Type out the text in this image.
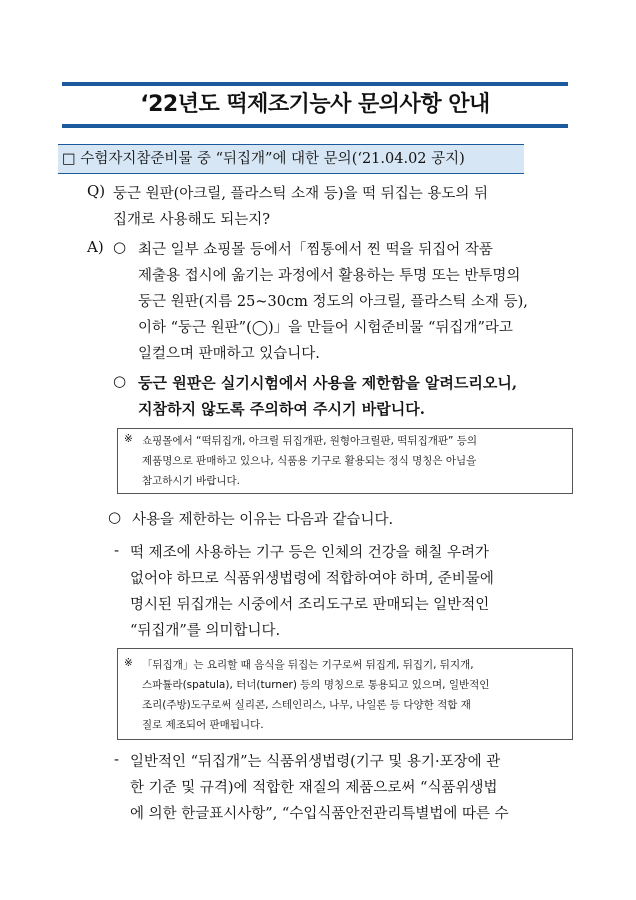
‘22년도 떡제조기능사 문의사항 안내
□ 수험자지참준비물 중 “뒤집개”에 대한 문의(‘21.04.02 공지)
Q) 둥근 원판(아크릴, 플라스틱 소재 등)을 떡 뒤집는 용도의 뒤
집개로 사용해도 되는지?
A) ○ 최근 일부 쇼핑몰 등에서「찜통에서 찐 떡을 뒤집어 작품
제출용 접시에 옮기는 과정에서 활용하는 투명 또는 반투명의
둥근 원판(지름 25~30cm 정도의 아크릴, 플라스틱 소재 등),
이하 “둥근 원판”(◯)」을 만들어 시험준비물 “뒤집개”라고
일컬으며 판매하고 있습니다.
○ 둥근 원판은 실기시험에서 사용을 제한함을 알려드리오니,
지참하지 않도록 주의하여 주시기 바랍니다.
※ 쇼핑몰에서 “떡뒤집개, 아크릴 뒤집개판, 원형아크릴판, 떡뒤집개판” 등의
제품명으로 판매하고 있으나, 식품용 기구로 활용되는 정식 명칭은 아님을
참고하시기 바랍니다.
○ 사용을 제한하는 이유는 다음과 같습니다.
- 떡 제조에 사용하는 기구 등은 인체의 건강을 해칠 우려가
없어야 하므로 식품위생법령에 적합하여야 하며, 준비물에
명시된 뒤집개는 시중에서 조리도구로 판매되는 일반적인
“뒤집개”를 의미합니다.
※ 「뒤집개」는 요리할 때 음식을 뒤집는 기구로써 뒤집게, 뒤집기, 뒤지개,
스파튤라(spatula), 터너(turner) 등의 명칭으로 통용되고 있으며, 일반적인
조리(주방)도구로써 실리콘, 스테인리스, 나무, 나일론 등 다양한 적합 재
질로 제조되어 판매됩니다.
- 일반적인 “뒤집개”는 식품위생법령(기구 및 용기·포장에 관
한 기준 및 규격)에 적합한 재질의 제품으로써 “식품위생법
에 의한 한글표시사항”, “수입식품안전관리특별법에 따른 수
